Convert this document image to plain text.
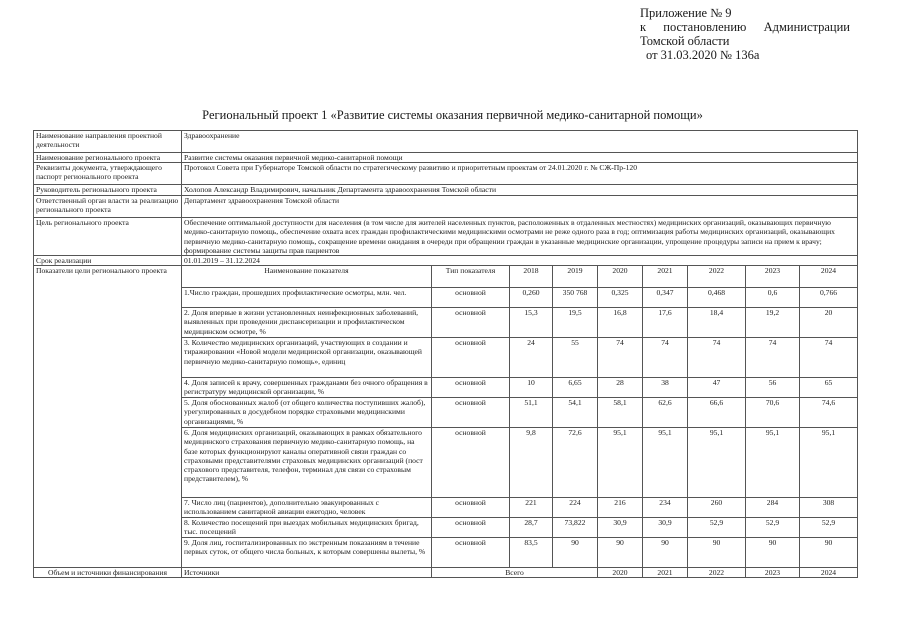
Приложение № 9
к постановлению Администрации
Томской области
от 31.03.2020 № 136а
Региональный проект 1 «Развитие системы оказания первичной медико-санитарной помощи»
Наименование направления проектной деятельности	Здравоохранение								
Наименование регионального проекта	Развитие системы оказания первичной медико-санитарной помощи								
Реквизиты документа, утверждающего паспорт регионального проекта	Протокол Совета при Губернаторе Томской области по стратегическому развитию и приоритетным проектам от 24.01.2020 г. № СЖ-Пр-120								
Руководитель регионального проекта	Холопов Александр Владимирович, начальник Департамента здравоохранения Томской области								
Ответственный орган власти за реализацию регионального проекта	Департамент здравоохранения Томской области								
Цель регионального проекта	Обеспечение оптимальной доступности для населения (в том числе для жителей населенных пунктов, расположенных в отдаленных местностях) медицинских организаций, оказывающих первичную медико-санитарную помощь, обеспечение охвата всех граждан профилактическими медицинскими осмотрами не реже одного раза в год; оптимизация работы медицинских организаций, оказывающих первичную медико-санитарную помощь, сокращение времени ожидания в очереди при обращении граждан в указанные медицинские организации, упрощение процедуры записи на прием к врачу; формирование системы защиты прав пациентов								
Срок реализации	01.01.2019 – 31.12.2024								
Показатели цели регионального проекта	Наименование показателя	Тип показателя	2018	2019	2020	2021	2022	2023	2024
	1.Число граждан, прошедших профилактические осмотры, млн. чел.	основной	0,260	350 768	0,325	0,347	0,468	0,6	0,766
	2. Доля впервые в жизни установленных неинфекционных заболеваний, выявленных при проведении диспансеризации и профилактическом медицинском осмотре, %	основной	15,3	19,5	16,8	17,6	18,4	19,2	20
	3. Количество медицинских организаций, участвующих в создании и тиражировании «Новой модели медицинской организации, оказывающей первичную медико-санитарную помощь», единиц	основной	24	55	74	74	74	74	74
	4. Доля записей к врачу, совершенных гражданами без очного обращения в регистратуру медицинской организации, %	основной	10	6,65	28	38	47	56	65
	5. Доля обоснованных жалоб (от общего количества поступивших жалоб), урегулированных в досудебном порядке страховыми медицинскими организациями, %	основной	51,1	54,1	58,1	62,6	66,6	70,6	74,6
	6. Доля медицинских организаций, оказывающих в рамках обязательного медицинского страхования первичную медико-санитарную помощь, на базе которых функционируют каналы оперативной связи граждан со страховыми представителями страховых медицинских организаций (пост страхового представителя, телефон, терминал для связи со страховым представителем), %	основной	9,8	72,6	95,1	95,1	95,1	95,1	95,1
	7. Число лиц (пациентов), дополнительно эвакуированных с использованием санитарной авиации ежегодно, человек	основной	221	224	216	234	260	284	308
	8. Количество посещений при выездах мобильных медицинских бригад, тыс. посещений	основной	28,7	73,822	30,9	30,9	52,9	52,9	52,9
	9. Доля лиц, госпитализированных по экстренным показаниям в течение первых суток, от общего числа больных, к которым совершены вылеты, %	основной	83,5	90	90	90	90	90	90
Объем и источники финансирования	Источники	Всего			2020	2021	2022	2023	2024
